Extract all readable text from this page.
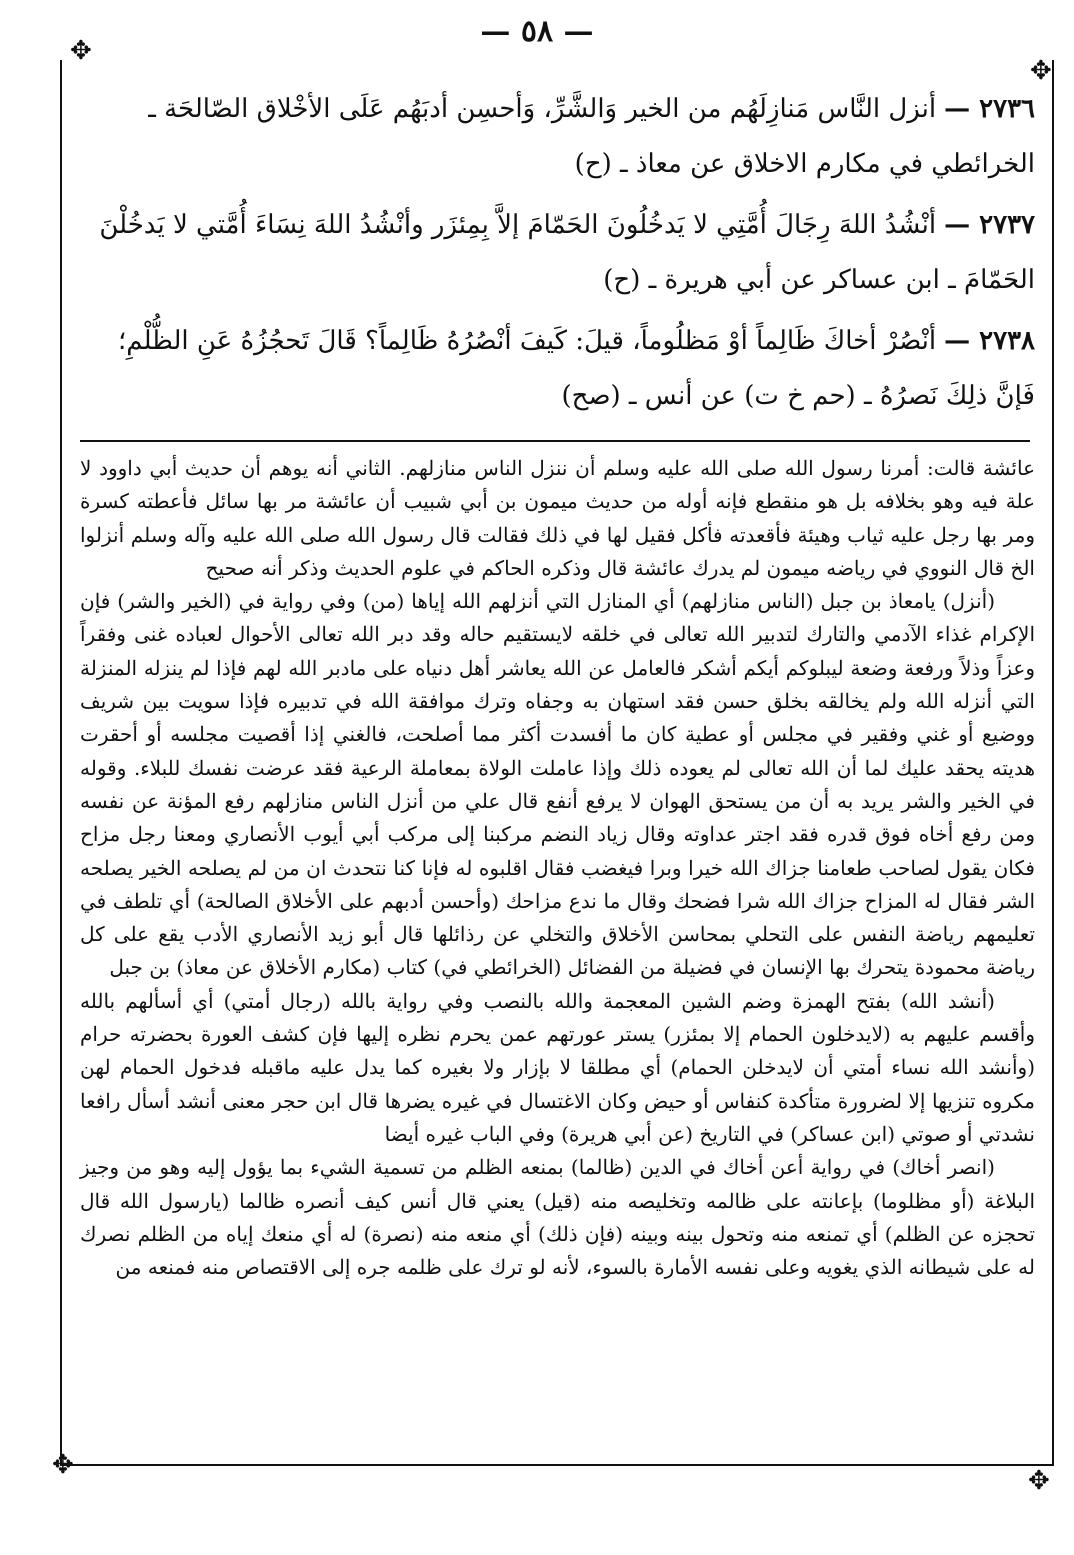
— ٥٨ —
✥
✥
✥
✥

٢٧٣٦ —أنزل النَّاس مَنازِلَهُم من الخير وَالشَّرِّ، وَأحسِن أدبَهُم عَلَى الأخْلاق الصّالحَة ـ الخرائطي في مكارم الاخلاق عن معاذ ـ (ح)

٢٧٣٧ —أنْشُدُ اللهَ رِجَالَ أُمَّتِي لا يَدخُلُونَ الحَمّامَ إلاَّ بِمِئزَر وأنْشُدُ اللهَ نِسَاءَ أُمَّتي لا يَدخُلْنَ الحَمّامَ ـ ابن عساكر عن أبي هريرة ـ (ح)

٢٧٣٨ —أنْصُرْ أخاكَ ظَالِماً أوْ مَظلُوماً، قيلَ: كَيفَ أنْصُرُهُ ظَالِماً؟ قَالَ تَحجُزُهُ عَنِ الظُّلْمِ؛ فَإنَّ ذلِكَ نَصرُهُ ـ (حم خ ت) عن أنس ـ (صح)

عائشة قالت: أمرنا رسول الله صلى الله عليه وسلم أن ننزل الناس منازلهم. الثاني أنه يوهم أن حديث أبي داوود لا علة فيه وهو بخلافه بل هو منقطع فإنه أوله من حديث ميمون بن أبي شبيب أن عائشة مر بها سائل فأعطته كسرة ومر بها رجل عليه ثياب وهيئة فأقعدته فأكل فقيل لها في ذلك فقالت قال رسول الله صلى الله عليه وآله وسلم أنزلوا الخ قال النووي في رياضه ميمون لم يدرك عائشة قال وذكره الحاكم في علوم الحديث وذكر أنه صحيح

(أنزل) يامعاذ بن جبل (الناس منازلهم) أي المنازل التي أنزلهم الله إياها (من) وفي رواية في (الخير والشر) فإن الإكرام غذاء الآدمي والتارك لتدبير الله تعالى في خلقه لايستقيم حاله وقد دبر الله تعالى الأحوال لعباده غنى وفقراً وعزاً وذلاً ورفعة وضعة ليبلوكم أيكم أشكر فالعامل عن الله يعاشر أهل دنياه على مادبر الله لهم فإذا لم ينزله المنزلة التي أنزله الله ولم يخالقه بخلق حسن فقد استهان به وجفاه وترك موافقة الله في تدبيره فإذا سويت بين شريف ووضيع أو غني وفقير في مجلس أو عطية كان ما أفسدت أكثر مما أصلحت، فالغني إذا أقصيت مجلسه أو أحقرت هديته يحقد عليك لما أن الله تعالى لم يعوده ذلك وإذا عاملت الولاة بمعاملة الرعية فقد عرضت نفسك للبلاء. وقوله في الخير والشر يريد به أن من يستحق الهوان لا يرفع أنفع قال علي من أنزل الناس منازلهم رفع المؤنة عن نفسه ومن رفع أخاه فوق قدره فقد اجتر عداوته وقال زياد النضم مركبنا إلى مركب أبي أيوب الأنصاري ومعنا رجل مزاح فكان يقول لصاحب طعامنا جزاك الله خيرا وبرا فيغضب فقال اقلبوه له فإنا كنا نتحدث ان من لم يصلحه الخير يصلحه الشر فقال له المزاح جزاك الله شرا فضحك وقال ما ندع مزاحك (وأحسن أدبهم على الأخلاق الصالحة) أي تلطف في تعليمهم رياضة النفس على التحلي بمحاسن الأخلاق والتخلي عن رذائلها قال أبو زيد الأنصاري الأدب يقع على كل رياضة محمودة يتحرك بها الإنسان في فضيلة من الفضائل (الخرائطي في) كتاب (مكارم الأخلاق عن معاذ) بن جبل

(أنشد الله) بفتح الهمزة وضم الشين المعجمة والله بالنصب وفي رواية بالله (رجال أمتي) أي أسألهم بالله وأقسم عليهم به (لايدخلون الحمام إلا بمئزر) يستر عورتهم عمن يحرم نظره إليها فإن كشف العورة بحضرته حرام (وأنشد الله نساء أمتي أن لايدخلن الحمام) أي مطلقا لا بإزار ولا بغيره كما يدل عليه ماقبله فدخول الحمام لهن مكروه تنزيها إلا لضرورة متأكدة كنفاس أو حيض وكان الاغتسال في غيره يضرها قال ابن حجر معنى أنشد أسأل رافعا نشدتي أو صوتي (ابن عساكر) في التاريخ (عن أبي هريرة) وفي الباب غيره أيضا

(انصر أخاك) في رواية أعن أخاك في الدين (ظالما) بمنعه الظلم من تسمية الشيء بما يؤول إليه وهو من وجيز البلاغة (أو مظلوما) بإعانته على ظالمه وتخليصه منه (قيل) يعني قال أنس كيف أنصره ظالما (يارسول الله قال تحجزه عن الظلم) أي تمنعه منه وتحول بينه وبينه (فإن ذلك) أي منعه منه (نصرة) له أي منعك إياه من الظلم نصرك له على شيطانه الذي يغويه وعلى نفسه الأمارة بالسوء، لأنه لو ترك على ظلمه جره إلى الاقتصاص منه فمنعه من
